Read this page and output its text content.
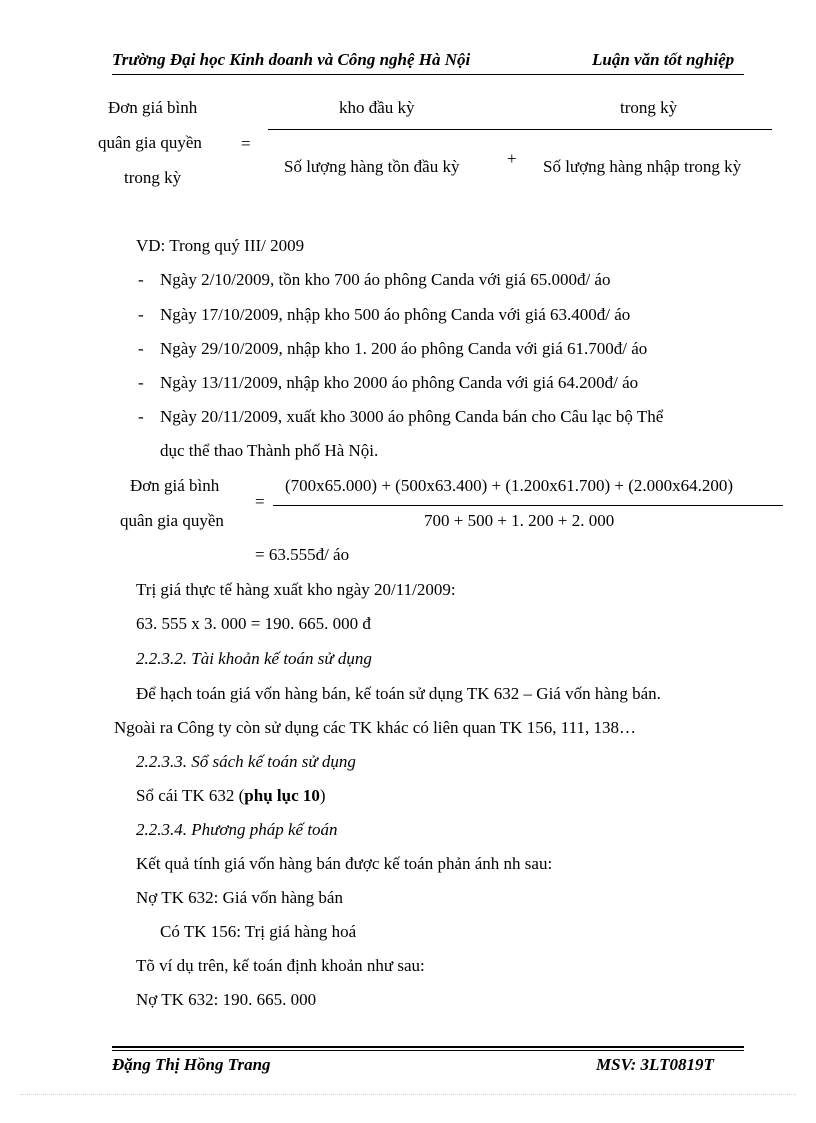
Trường Đại học Kinh doanh và Công nghệ Hà Nội	Luận văn tốt nghiệp
Đơn giá bình
quân gia quyền
trong kỳ
=
kho đầu kỳ	trong kỳ
Số lượng hàng tồn đầu kỳ	+ Số lượng hàng nhập trong kỳ
VD: Trong quý III/ 2009
- Ngày 2/10/2009, tồn kho 700 áo phông Canda với giá 65.000đ/ áo
- Ngày 17/10/2009, nhập kho 500 áo phông Canda với giá 63.400đ/ áo
- Ngày 29/10/2009, nhập kho 1. 200 áo phông Canda với giá 61.700đ/ áo
- Ngày 13/11/2009, nhập kho 2000 áo phông Canda với giá 64.200đ/ áo
- Ngày 20/11/2009, xuất kho 3000 áo phông Canda bán cho Câu lạc bộ Thể
dục thể thao Thành phố Hà Nội.
Đơn giá bình
quân gia quyền
=
(700x65.000) + (500x63.400) + (1.200x61.700) + (2.000x64.200)
700 + 500 + 1. 200 + 2. 000
= 63.555đ/ áo
Trị giá thực tế hàng xuất kho ngày 20/11/2009:
63. 555 x 3. 000 = 190. 665. 000 đ
2.2.3.2. Tài khoản kế toán sử dụng
Để hạch toán giá vốn hàng bán, kế toán sử dụng TK 632 – Giá vốn hàng bán.
Ngoài ra Công ty còn sử dụng các TK khác có liên quan TK 156, 111, 138…
2.2.3.3. Sổ sách kế toán sử dụng
Sổ cái TK 632 (phụ lục 10)
2.2.3.4. Phương pháp kế toán
Kết quả tính giá vốn hàng bán được kế toán phản ánh nh sau:
Nợ TK 632: Giá vốn hàng bán
Có TK 156: Trị giá hàng hoá
Tõ ví dụ trên, kế toán định khoản như sau:
Nợ TK 632: 190. 665. 000
Đặng Thị Hồng Trang	MSV: 3LT0819T
